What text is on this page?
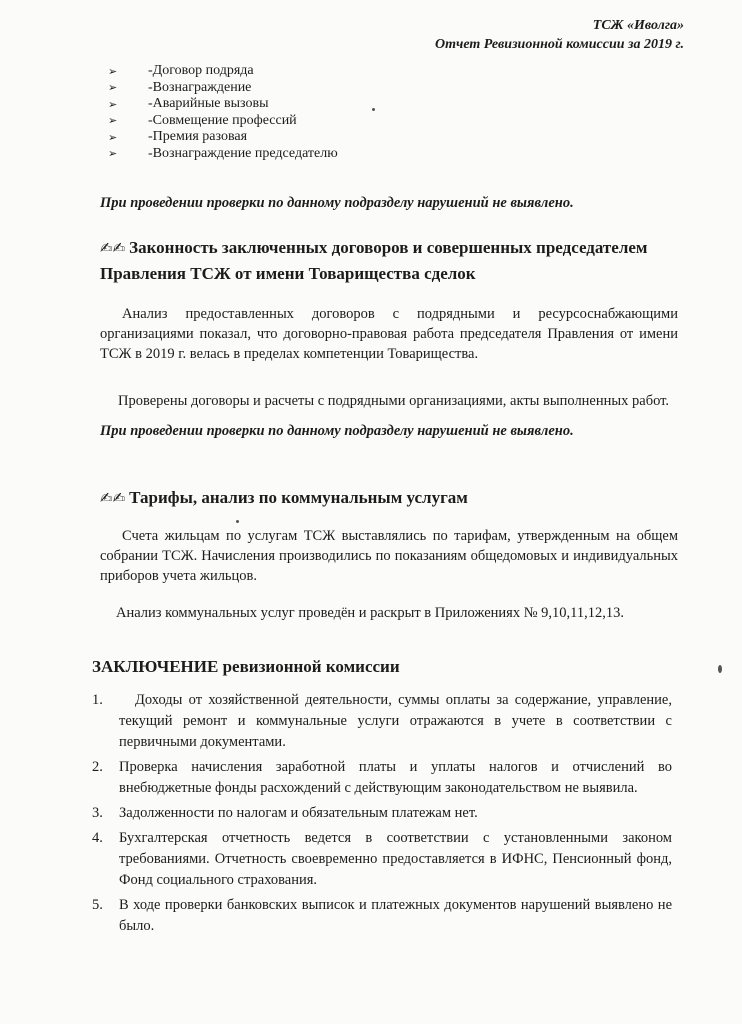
ТСЖ «Иволга»
Отчет Ревизионной комиссии за 2019 г.
➢	-Договор подряда
➢	-Вознаграждение
➢	-Аварийные вызовы
➢	-Совмещение профессий
➢	-Премия разовая
➢	-Вознаграждение председателю
При проведении проверки по данному подразделу нарушений не выявлено.
✍✍ Законность заключенных договоров и совершенных председателем
Правления ТСЖ от имени Товарищества сделок
Анализ предоставленных договоров с подрядными и ресурсоснабжающими организациями показал, что договорно-правовая работа председателя Правления от имени ТСЖ в 2019 г. велась в пределах компетенции Товарищества.
Проверены договоры и расчеты с подрядными организациями, акты выполненных работ.
При проведении проверки по данному подразделу нарушений не выявлено.
✍✍ Тарифы, анализ по коммунальным услугам
Счета жильцам по услугам ТСЖ выставлялись по тарифам, утвержденным на общем собрании ТСЖ. Начисления производились по показаниям общедомовых и индивидуальных приборов учета жильцов.
Анализ коммунальных услуг проведён и раскрыт в Приложениях № 9,10,11,12,13.
ЗАКЛЮЧЕНИЕ ревизионной комиссии
1.	Доходы от хозяйственной деятельности, суммы оплаты за содержание, управление, текущий ремонт и коммунальные услуги отражаются в учете в соответствии с первичными документами.
2.	Проверка начисления заработной платы и уплаты налогов и отчислений во внебюджетные фонды расхождений с действующим законодательством не выявила.
3.	Задолженности по налогам и обязательным платежам нет.
4.	Бухгалтерская отчетность ведется в соответствии с установленными законом требованиями. Отчетность своевременно предоставляется в ИФНС, Пенсионный фонд, Фонд социального страхования.
5.	В ходе проверки банковских выписок и платежных документов нарушений выявлено не было.
